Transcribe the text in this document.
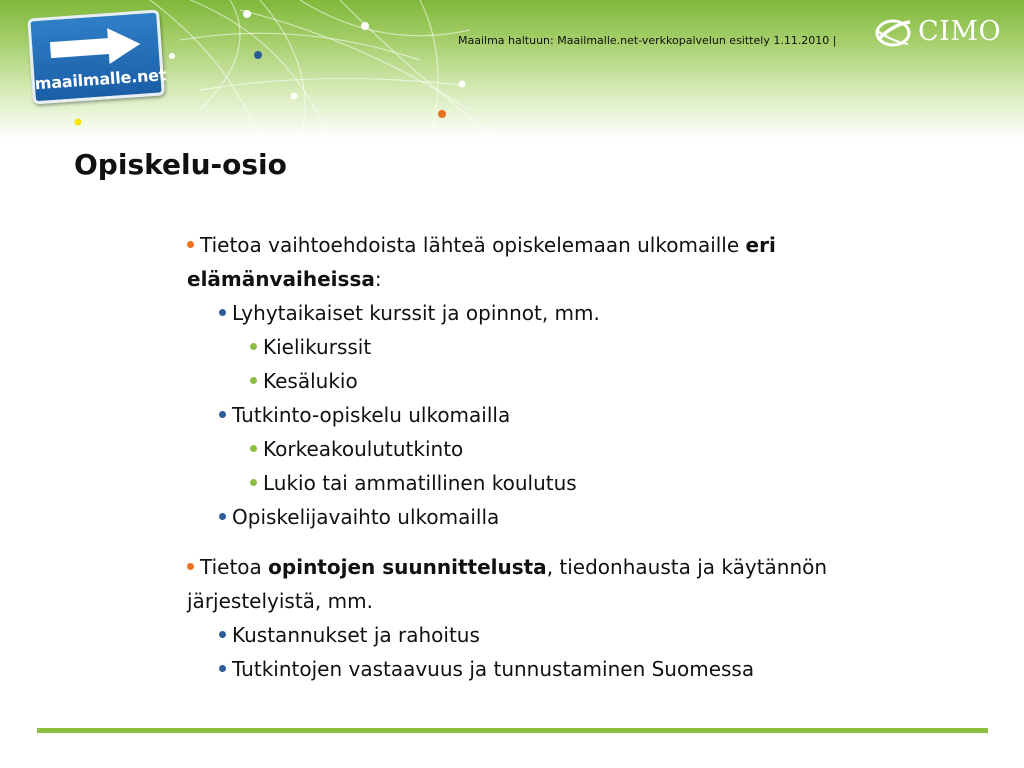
maailmalle.net
Maailma haltuun: Maailmalle.net-verkkopalvelun esittely 1.11.2010 |	CIMO
Opiskelu-osio
Tietoa vaihtoehdoista lähteä opiskelemaan ulkomaille eri elämänvaiheissa:
Lyhytaikaiset kurssit ja opinnot, mm.
Kielikurssit
Kesälukio
Tutkinto-opiskelu ulkomailla
Korkeakoulututkinto
Lukio tai ammatillinen koulutus
Opiskelijavaihto ulkomailla
Tietoa opintojen suunnittelusta, tiedonhausta ja käytännön järjestelyistä, mm.
Kustannukset ja rahoitus
Tutkintojen vastaavuus ja tunnustaminen Suomessa
